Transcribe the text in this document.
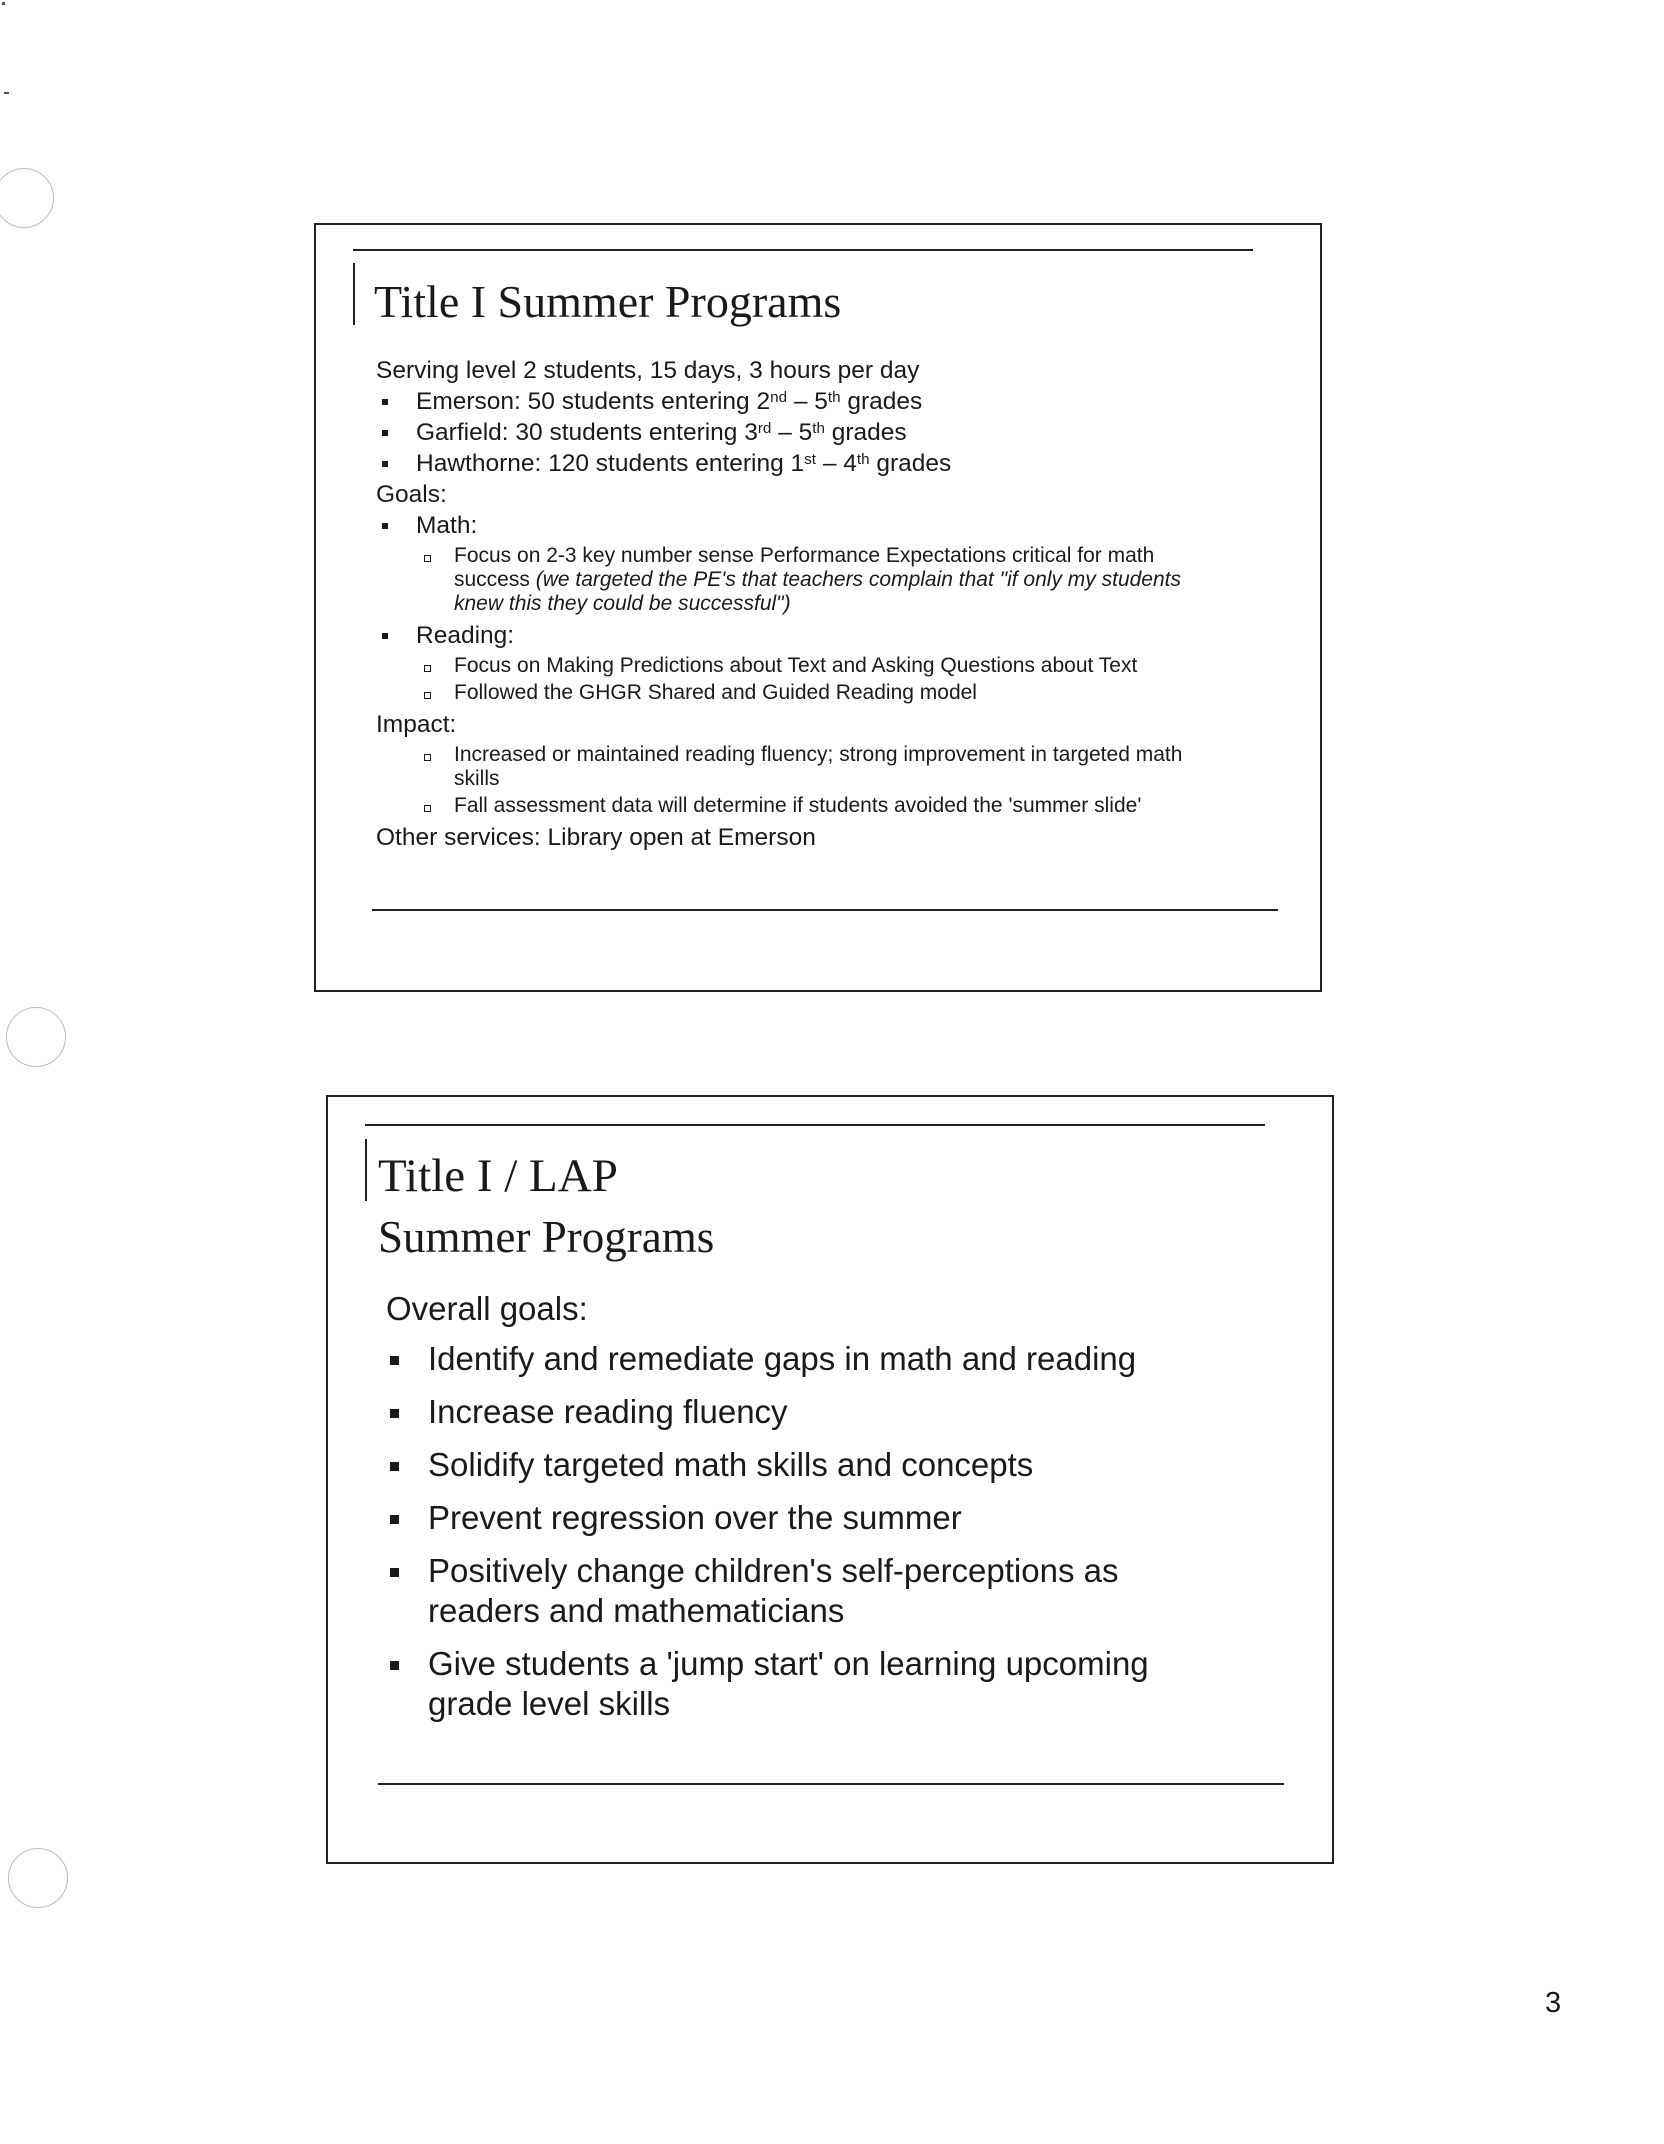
Title I Summer Programs
Serving level 2 students, 15 days, 3 hours per day
Emerson: 50 students entering 2nd – 5th grades
Garfield: 30 students entering 3rd – 5th grades
Hawthorne: 120 students entering 1st – 4th grades
Goals:
Math:
Focus on 2-3 key number sense Performance Expectations critical for math success (we targeted the PE's that teachers complain that "if only my students knew this they could be successful")
Reading:
Focus on Making Predictions about Text and Asking Questions about Text
Followed the GHGR Shared and Guided Reading model
Impact:
Increased or maintained reading fluency; strong improvement in targeted math skills
Fall assessment data will determine if students avoided the 'summer slide'
Other services: Library open at Emerson
Title I / LAP
Summer Programs
Overall goals:
Identify and remediate gaps in math and reading
Increase reading fluency
Solidify targeted math skills and concepts
Prevent regression over the summer
Positively change children's self-perceptions as readers and mathematicians
Give students a 'jump start' on learning upcoming grade level skills
3
